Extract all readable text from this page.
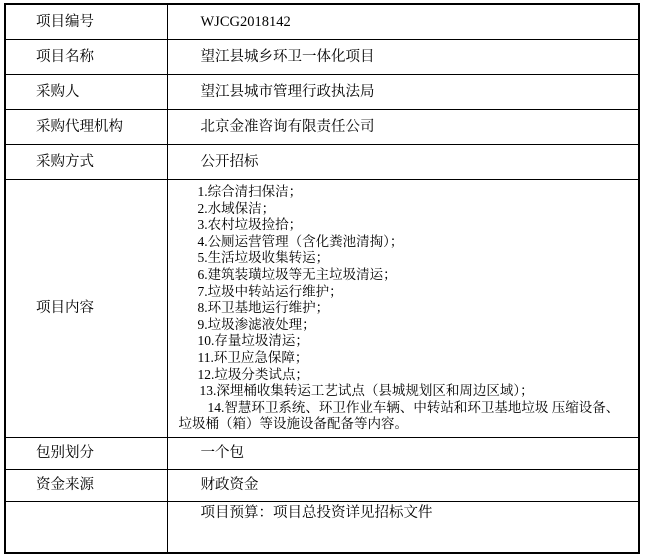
项目编号	WJCG2018142
项目名称	望江县城乡环卫一体化项目
采购人	望江县城市管理行政执法局
采购代理机构	北京金准咨询有限责任公司
采购方式	公开招标
项目内容	
1.综合清扫保洁；
2.水域保洁；
3.农村垃圾捡拾；
4.公厕运营管理（含化粪池清掏）；
5.生活垃圾收集转运；
6.建筑装璜垃圾等无主垃圾清运；
7.垃圾中转站运行维护；
8.环卫基地运行维护；
9.垃圾渗滤液处理；
10.存量垃圾清运；
11.环卫应急保障；
12.垃圾分类试点；
13.深埋桶收集转运工艺试点（县城规划区和周边区域）；
14.智慧环卫系统、环卫作业车辆、中转站和环卫基地垃圾 压缩设备、
垃圾桶（箱）等设施设备配备等内容。

包别划分	一个包
资金来源	财政资金
	项目预算：项目总投资详见招标文件
